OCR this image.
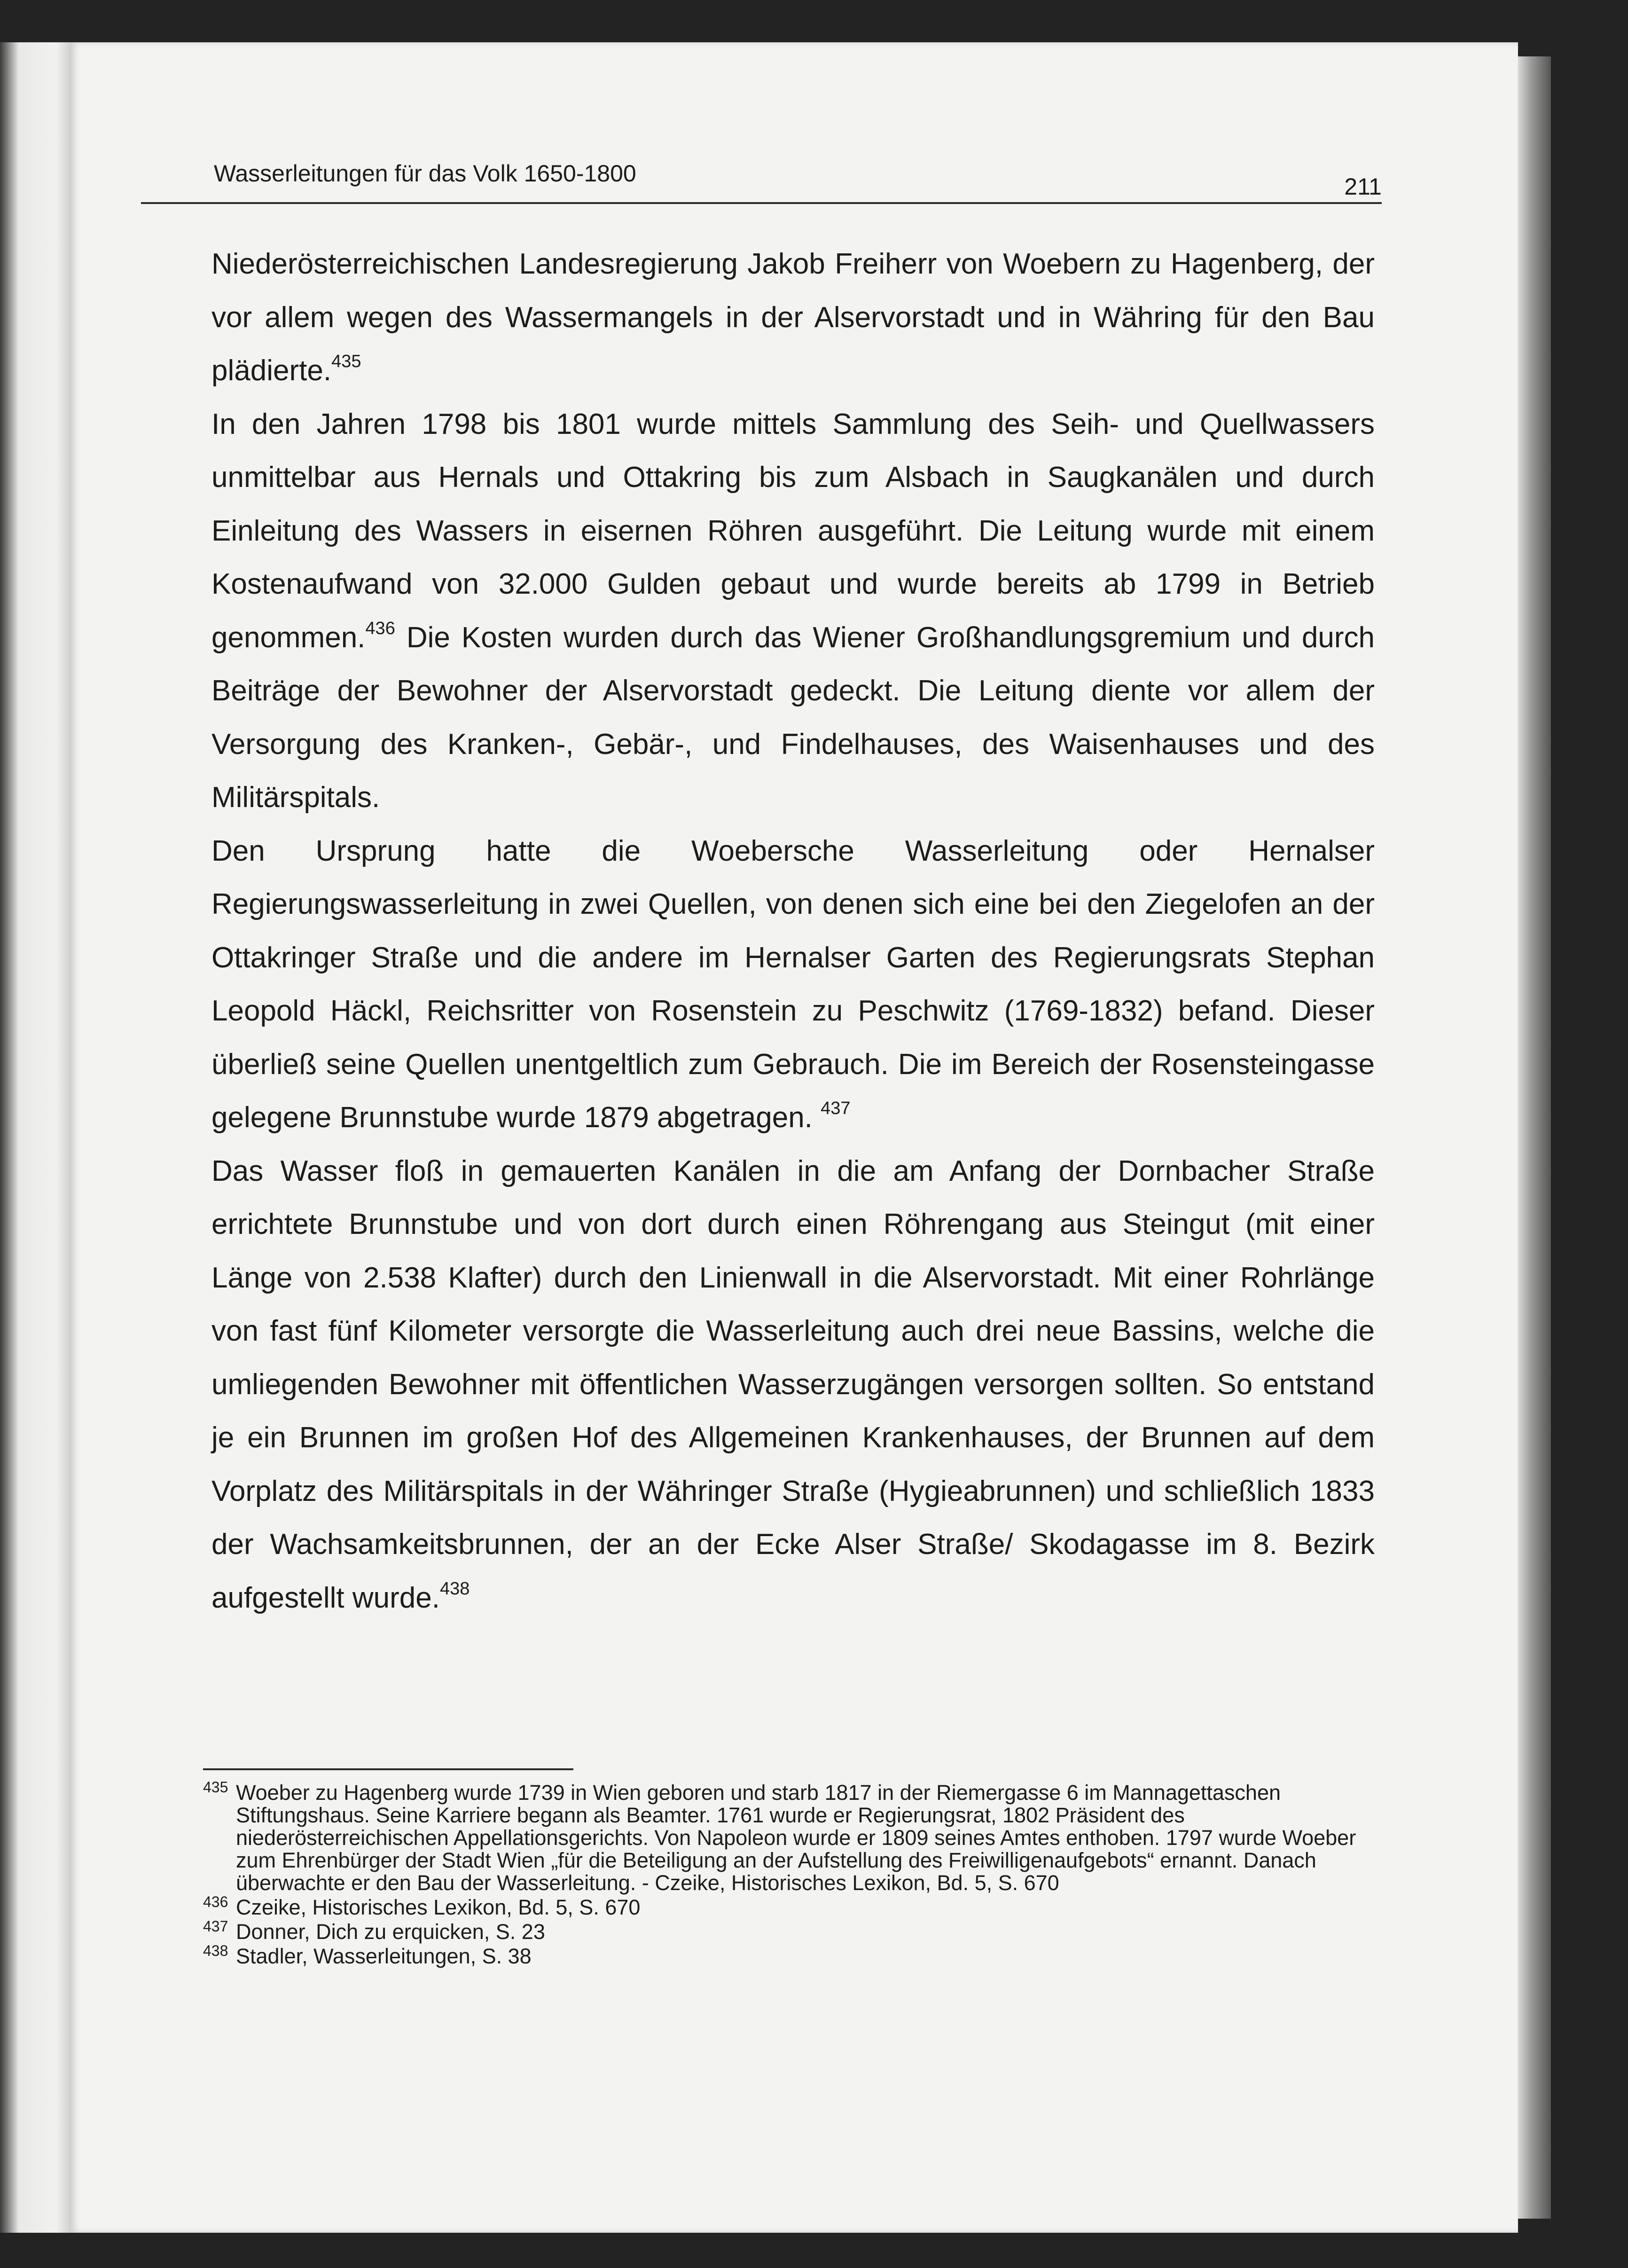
Wasserleitungen für das Volk 1650-1800	211

Niederösterreichischen Landesregierung Jakob Freiherr von Woebern zu Hagenberg, der vor allem wegen des Wassermangels in der Alservorstadt und in Währing für den Bau plädierte.$^{435}$

In den Jahren 1798 bis 1801 wurde mittels Sammlung des Seih- und Quellwassers unmittelbar aus Hernals und Ottakring bis zum Alsbach in Saugkanälen und durch Einleitung des Wassers in eisernen Röhren ausgeführt. Die Leitung wurde mit einem Kostenaufwand von 32.000 Gulden gebaut und wurde bereits ab 1799 in Betrieb genommen.$^{436}$ Die Kosten wurden durch das Wiener Großhandlungsgremium und durch Beiträge der Bewohner der Alservorstadt gedeckt. Die Leitung diente vor allem der Versorgung des Kranken-, Gebär-, und Findelhauses, des Waisenhauses und des Militärspitals.

Den Ursprung hatte die Woebersche Wasserleitung oder Hernalser Regierungswasserleitung in zwei Quellen, von denen sich eine bei den Ziegelofen an der Ottakringer Straße und die andere im Hernalser Garten des Regierungsrats Stephan Leopold Häckl, Reichsritter von Rosenstein zu Peschwitz (1769-1832) befand. Dieser überließ seine Quellen unentgeltlich zum Gebrauch. Die im Bereich der Rosensteingasse gelegene Brunnstube wurde 1879 abgetragen. $^{437}$

Das Wasser floß in gemauerten Kanälen in die am Anfang der Dornbacher Straße errichtete Brunnstube und von dort durch einen Röhrengang aus Steingut (mit einer Länge von 2.538 Klafter) durch den Linienwall in die Alservorstadt. Mit einer Rohrlänge von fast fünf Kilometer versorgte die Wasserleitung auch drei neue Bassins, welche die umliegenden Bewohner mit öffentlichen Wasserzugängen versorgen sollten. So entstand je ein Brunnen im großen Hof des Allgemeinen Krankenhauses, der Brunnen auf dem Vorplatz des Militärspitals in der Währinger Straße (Hygieabrunnen) und schließlich 1833 der Wachsamkeitsbrunnen, der an der Ecke Alser Straße/ Skodagasse im 8. Bezirk aufgestellt wurde.$^{438}$

435 Woeber zu Hagenberg wurde 1739 in Wien geboren und starb 1817 in der Riemergasse 6 im Mannagettaschen Stiftungshaus. Seine Karriere begann als Beamter. 1761 wurde er Regierungsrat, 1802 Präsident des niederösterreichischen Appellationsgerichts. Von Napoleon wurde er 1809 seines Amtes enthoben. 1797 wurde Woeber zum Ehrenbürger der Stadt Wien „für die Beteiligung an der Aufstellung des Freiwilligenaufgebots“ ernannt. Danach überwachte er den Bau der Wasserleitung. - Czeike, Historisches Lexikon, Bd. 5, S. 670
436 Czeike, Historisches Lexikon, Bd. 5, S. 670
437 Donner, Dich zu erquicken, S. 23
438 Stadler, Wasserleitungen, S. 38
